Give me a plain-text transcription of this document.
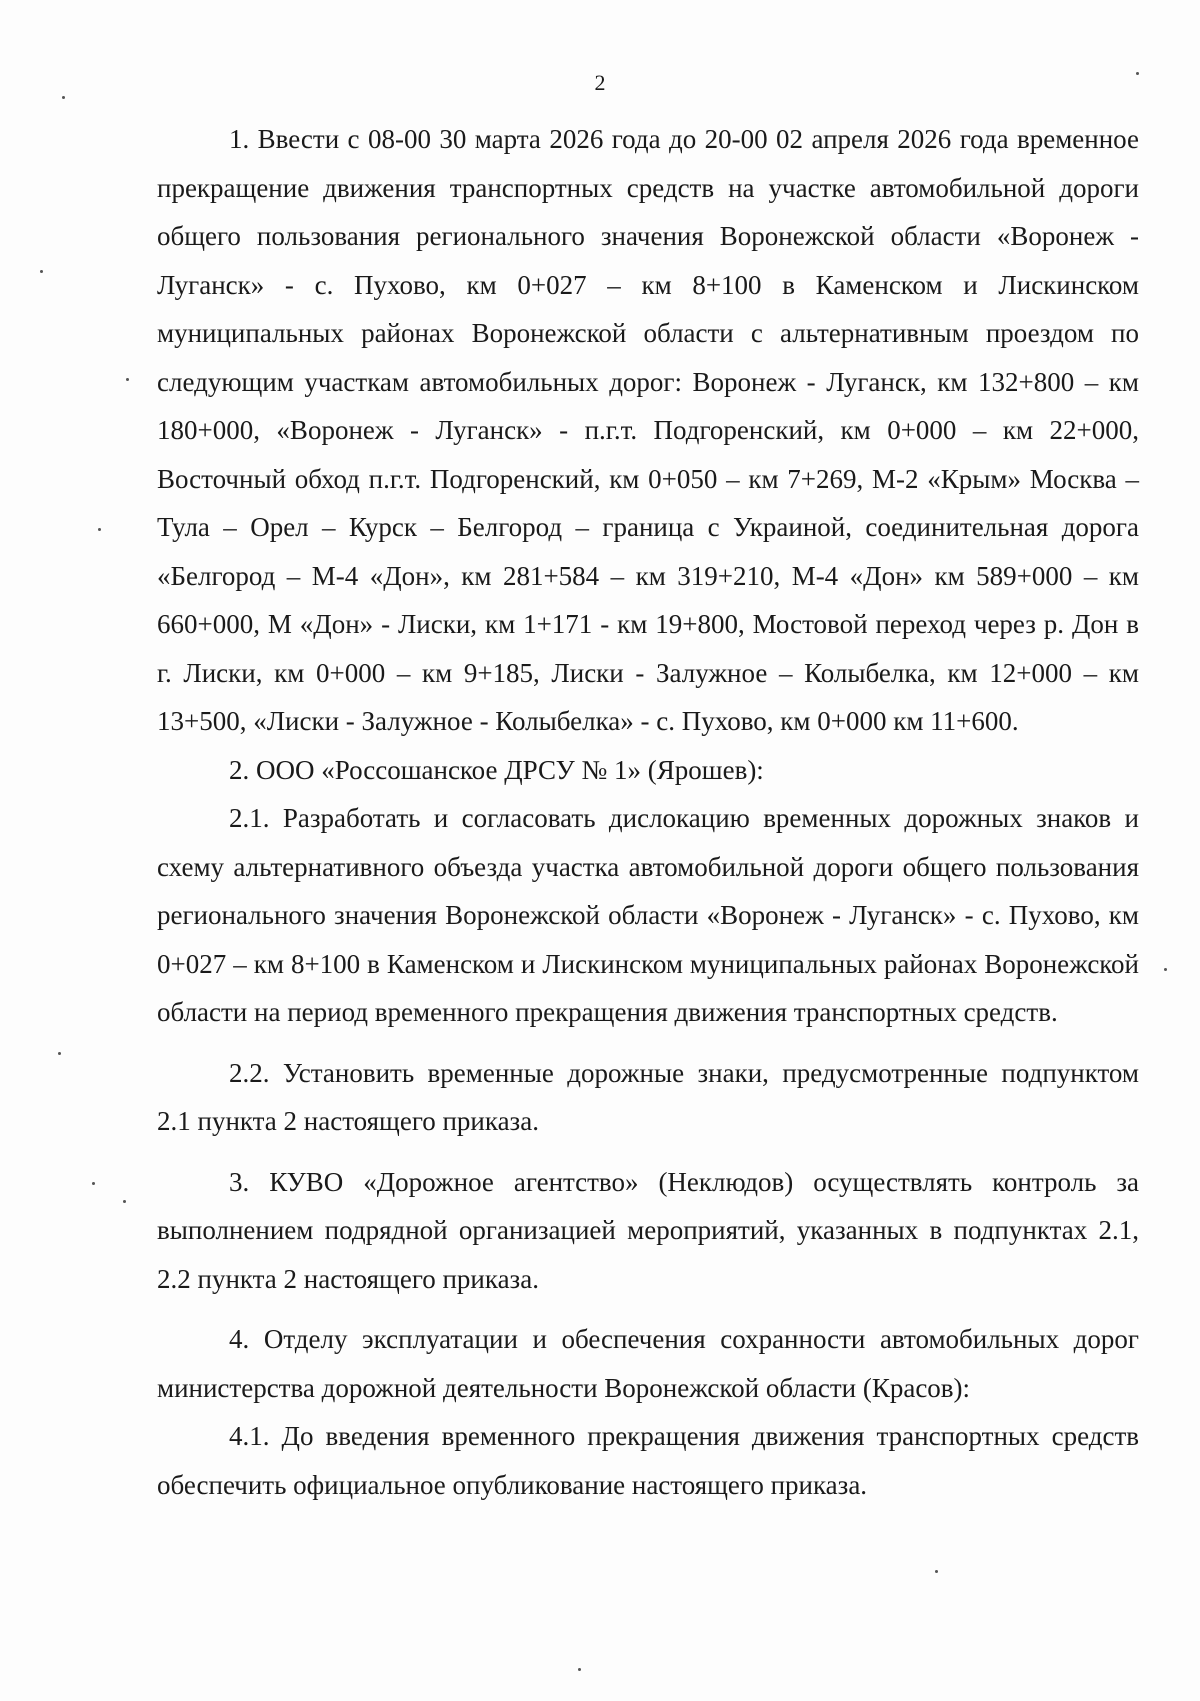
2

1. Ввести с 08-00 30 марта 2026 года до 20-00 02 апреля 2026 года временное прекращение движения транспортных средств на участке автомобильной дороги общего пользования регионального значения Воронежской области «Воронеж - Луганск» - с. Пухово, км 0+027 – км 8+100 в Каменском и Лискинском муниципальных районах Воронежской области с альтернативным проездом по следующим участкам автомобильных дорог: Воронеж - Луганск, км 132+800 – км 180+000, «Воронеж - Луганск» - п.г.т. Подгоренский, км 0+000 – км 22+000, Восточный обход п.г.т. Подгоренский, км 0+050 – км 7+269, М-2 «Крым» Москва – Тула – Орел – Курск – Белгород – граница с Украиной, соединительная дорога «Белгород – М-4 «Дон», км 281+584 – км 319+210, М-4 «Дон» км 589+000 – км 660+000, М «Дон» - Лиски, км 1+171 - км 19+800, Мостовой переход через р. Дон в г. Лиски, км 0+000 – км 9+185, Лиски - Залужное – Колыбелка, км 12+000 – км 13+500, «Лиски - Залужное - Колыбелка» - с. Пухово, км 0+000 км 11+600.

2. ООО «Россошанское ДРСУ № 1» (Ярошев):

2.1. Разработать и согласовать дислокацию временных дорожных знаков и схему альтернативного объезда участка автомобильной дороги общего пользования регионального значения Воронежской области «Воронеж - Луганск» - с. Пухово, км 0+027 – км 8+100 в Каменском и Лискинском муниципальных районах Воронежской области на период временного прекращения движения транспортных средств.

2.2. Установить временные дорожные знаки, предусмотренные подпунктом 2.1 пункта 2 настоящего приказа.

3. КУВО «Дорожное агентство» (Неклюдов) осуществлять контроль за выполнением подрядной организацией мероприятий, указанных в подпунктах 2.1, 2.2 пункта 2 настоящего приказа.

4. Отделу эксплуатации и обеспечения сохранности автомобильных дорог министерства дорожной деятельности Воронежской области (Красов):

4.1. До введения временного прекращения движения транспортных средств обеспечить официальное опубликование настоящего приказа.
